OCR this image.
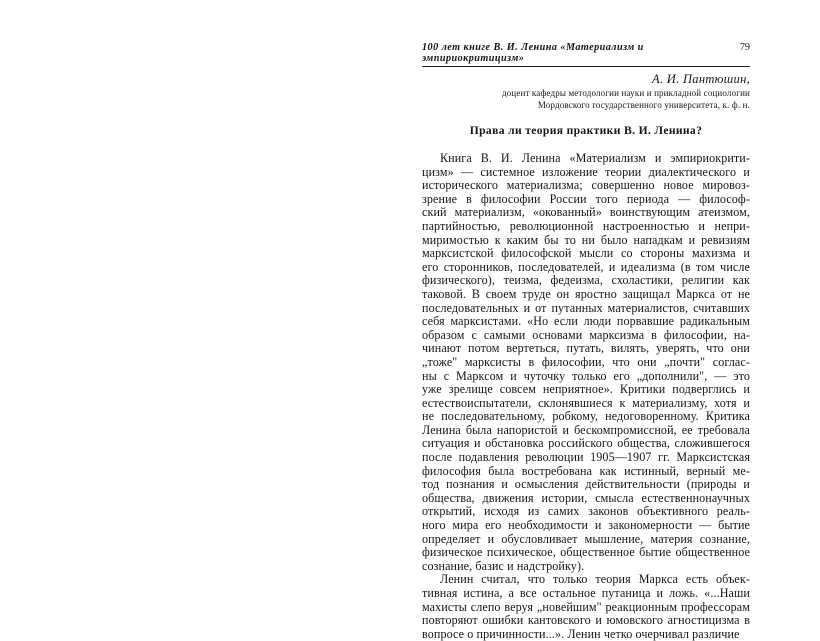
100 лет книге В. И. Ленина «Материализм и эмпириокритицизм»
79
А. И. Пантюшин,
доцент кафедры методологии науки и прикладной социологии
Мордовского государственного университета, к. ф. н.
Права ли теория практики В. И. Ленина?
Книга В. И. Ленина «Материализм и эмпириокрити-
цизм» — системное изложение теории диалектического и
исторического материализма; совершенно новое мировоз-
зрение в философии России того периода — философ-
ский материализм, «окованный» воинствующим атеизмом,
партийностью, революционной настроенностью и непри-
миримостью к каким бы то ни было нападкам и ревизиям
марксистской философской мысли со стороны махизма и
его сторонников, последователей, и идеализма (в том числе
физического), теизма, федеизма, схоластики, религии как
таковой. В своем труде он яростно защищал Маркса от не
последовательных и от путанных материалистов, считавших
себя марксистами. «Но если люди порвавшие радикальным
образом с самыми основами марксизма в философии, на-
чинают потом вертеться, путать, вилять, уверять, что они
„тоже" марксисты в философии, что они „почти" соглас-
ны с Марксом и чуточку только его „дополнили", — это
уже зрелище совсем неприятное». Критики подверглись и
естествоиспытатели, склонявшиеся к материализму, хотя и
не последовательному, робкому, недоговоренному. Критика
Ленина была напористой и бескомпромиссной, ее требовала
ситуация и обстановка российского общества, сложившегося
после подавления революции 1905—1907 гг. Марксистская
философия была востребована как истинный, верный ме-
тод познания и осмысления действительности (природы и
общества, движения истории, смысла естественнонаучных
открытий, исходя из самих законов объективного реаль-
ного мира его необходимости и закономерности — бытие
определяет и обусловливает мышление, материя сознание,
физическое психическое, общественное бытие общественное
сознание, базис и надстройку).
Ленин считал, что только теория Маркса есть объек-
тивная истина, а все остальное путаница и ложь. «...Наши
махисты слепо веруя „новейшим" реакционным профессорам
повторяют ошибки кантовского и юмовского агностицизма в
вопросе о причинности...». Ленин четко очерчивал различие
